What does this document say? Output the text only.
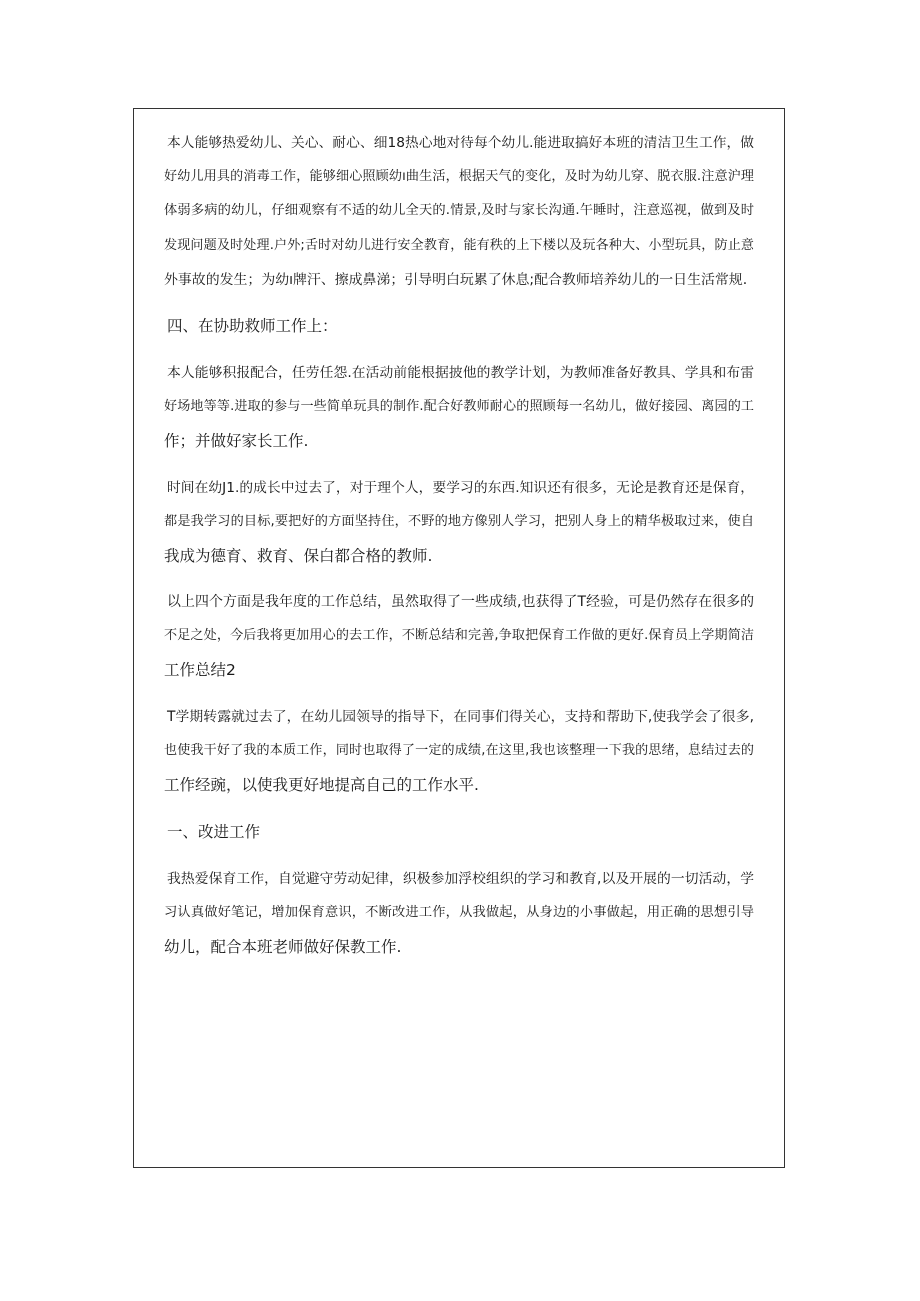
本人能够热爱幼儿、关心、耐心、细18热心地对待每个幼儿.能进取搞好本班的清洁卫生工作，做
好幼儿用具的消毒工作，能够细心照顾幼ı曲生活，根据天气的变化，及时为幼儿穿、脱衣服.注意沪理
体弱多病的幼儿，仔细观察有不适的幼儿全天的.情景,及时与家长沟通.午睡时，注意巡视，做到及时
发现问题及时处理.户外;舌时对幼儿进行安全教育，能有秩的上下楼以及玩各种大、小型玩具，防止意
外事故的发生；为幼ı牌汗、擦成鼻涕；引导明白玩累了休息;配合教师培养幼儿的一日生活常规.
四、在协助救师工作上：
本人能够积报配合，任劳任怨.在活动前能根据披他的教学计划，为教师准备好教具、学具和布雷
好场地等等.进取的参与一些简单玩具的制作.配合好教师耐心的照顾每一名幼儿，做好接园、离园的工
作；并做好家长工作.
时间在幼J1.的成长中过去了，对于理个人，要学习的东西.知识还有很多，无论是教育还是保育，
都是我学习的目标,要把好的方面坚持住，不野的地方像别人学习，把别人身上的精华极取过来，使自
我成为德育、救育、保白都合格的教师.
以上四个方面是我年度的工作总结，虽然取得了一些成绩,也获得了T经验，可是仍然存在很多的
不足之处，今后我将更加用心的去工作，不断总结和完善,争取把保育工作做的更好.保育员上学期简洁
工作总结2
T学期转露就过去了，在幼儿园领导的指导下，在同事们得关心，支持和帮助下,使我学会了很多,
也使我干好了我的本质工作，同时也取得了一定的成绩,在这里,我也该整理一下我的思绪，息结过去的
工作经豌，以使我更好地提高自己的工作水平.
一、改进工作
我热爱保育工作，自觉避守劳动妃律，织极参加浮校组织的学习和教育,以及开展的一切活动，学
习认真做好笔记，增加保育意识，不断改进工作，从我做起，从身边的小事做起，用正确的思想引导
幼儿，配合本班老师做好保教工作.
